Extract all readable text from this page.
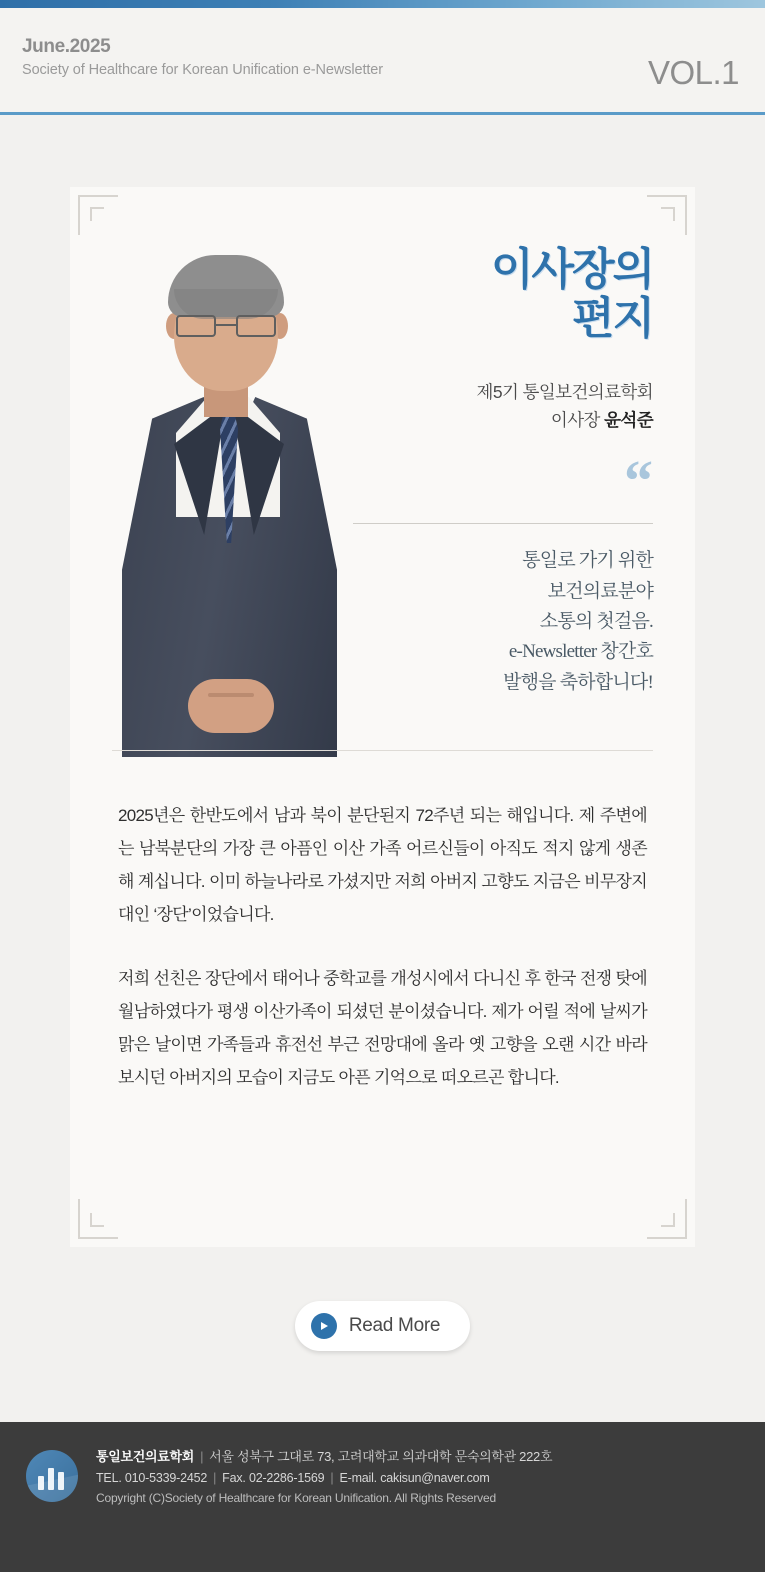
June.2025
Society of Healthcare for Korean Unification e-Newsletter	VOL.1
이사장의
편지
제5기 통일보건의료학회
이사장 윤석준
“
통일로 가기 위한
보건의료분야
소통의 첫걸음.
e-Newsletter 창간호
발행을 축하합니다!

2025년은 한반도에서 남과 북이 분단된지 72주년 되는 해입니다. 제 주변에는 남북분단의 가장 큰 아픔인 이산 가족 어르신들이 아직도 적지 않게 생존해 계십니다. 이미 하늘나라로 가셨지만 저희 아버지 고향도 지금은 비무장지대인 ‘장단’이었습니다.

저희 선친은 장단에서 태어나 중학교를 개성시에서 다니신 후 한국 전쟁 탓에 월남하였다가 평생 이산가족이 되셨던 분이셨습니다. 제가 어릴 적에 날씨가 맑은 날이면 가족들과 휴전선 부근 전망대에 올라 옛 고향을 오랜 시간 바라보시던 아버지의 모습이 지금도 아픈 기억으로 떠오르곤 합니다.

Read More
통일보건의료학회 | 서울 성북구 그대로 73, 고려대학교 의과대학 문숙의학관 222호
TEL. 010-5339-2452 | Fax. 02-2286-1569 | E-mail. cakisun@naver.com
Copyright (C)Society of Healthcare for Korean Unification. All Rights Reserved
